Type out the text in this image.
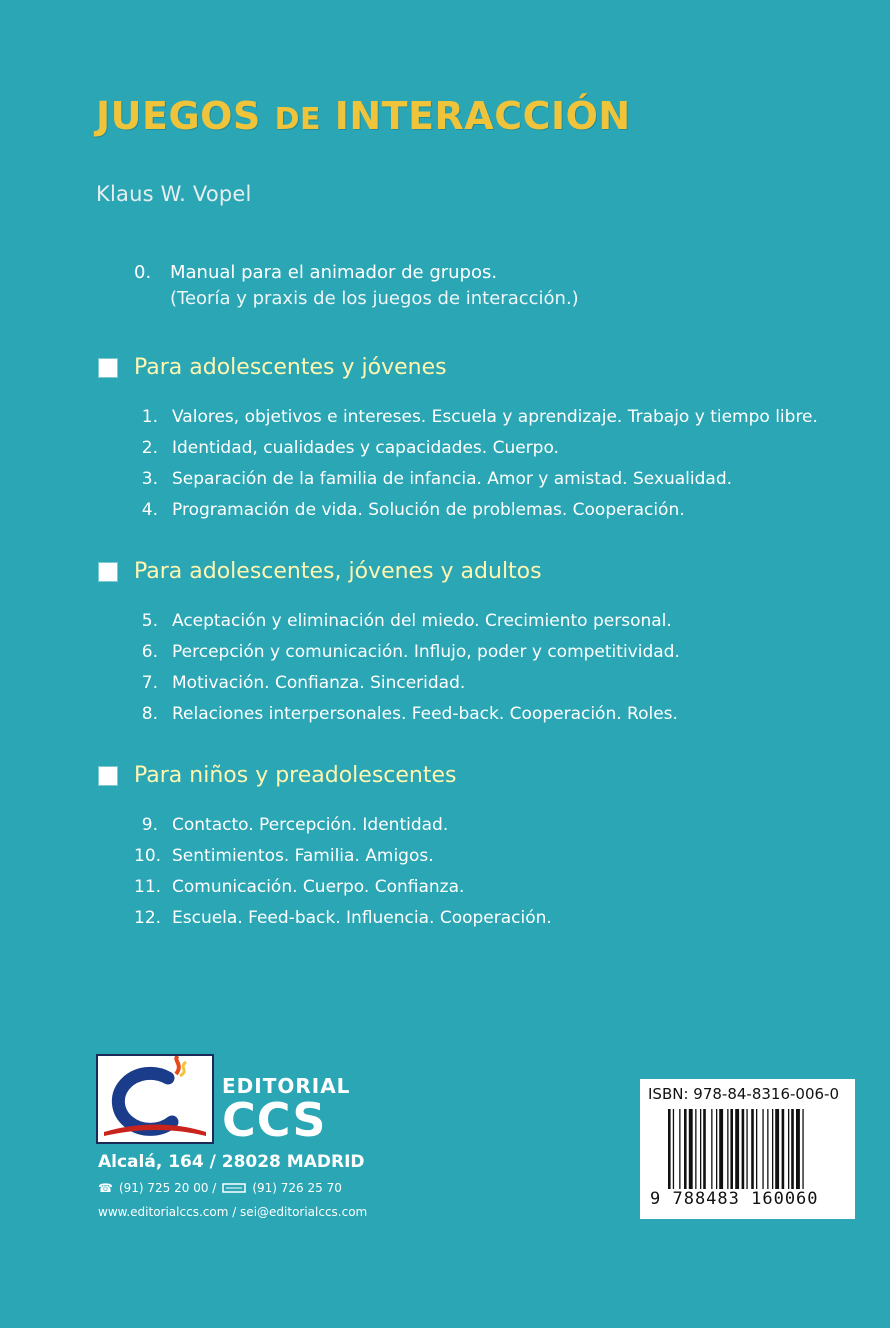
JUEGOS DE INTERACCIÓN
Klaus W. Vopel
0.	Manual para el animador de grupos.
(Teoría y praxis de los juegos de interacción.)
Para adolescentes y jóvenes
1. Valores, objetivos e intereses. Escuela y aprendizaje. Trabajo y tiempo libre.
2. Identidad, cualidades y capacidades. Cuerpo.
3. Separación de la familia de infancia. Amor y amistad. Sexualidad.
4. Programación de vida. Solución de problemas. Cooperación.
Para adolescentes, jóvenes y adultos
5. Aceptación y eliminación del miedo. Crecimiento personal.
6. Percepción y comunicación. Influjo, poder y competitividad.
7. Motivación. Confianza. Sinceridad.
8. Relaciones interpersonales. Feed-back. Cooperación. Roles.
Para niños y preadolescentes
9. Contacto. Percepción. Identidad.
10. Sentimientos. Familia. Amigos.
11. Comunicación. Cuerpo. Confianza.
12. Escuela. Feed-back. Influencia. Cooperación.
EDITORIAL
CCS
Alcalá, 164 / 28028 MADRID
☎ (91) 725 20 00 /	(91) 726 25 70
www.editorialccs.com / sei@editorialccs.com
ISBN: 978-84-8316-006-0
9 788483 160060
